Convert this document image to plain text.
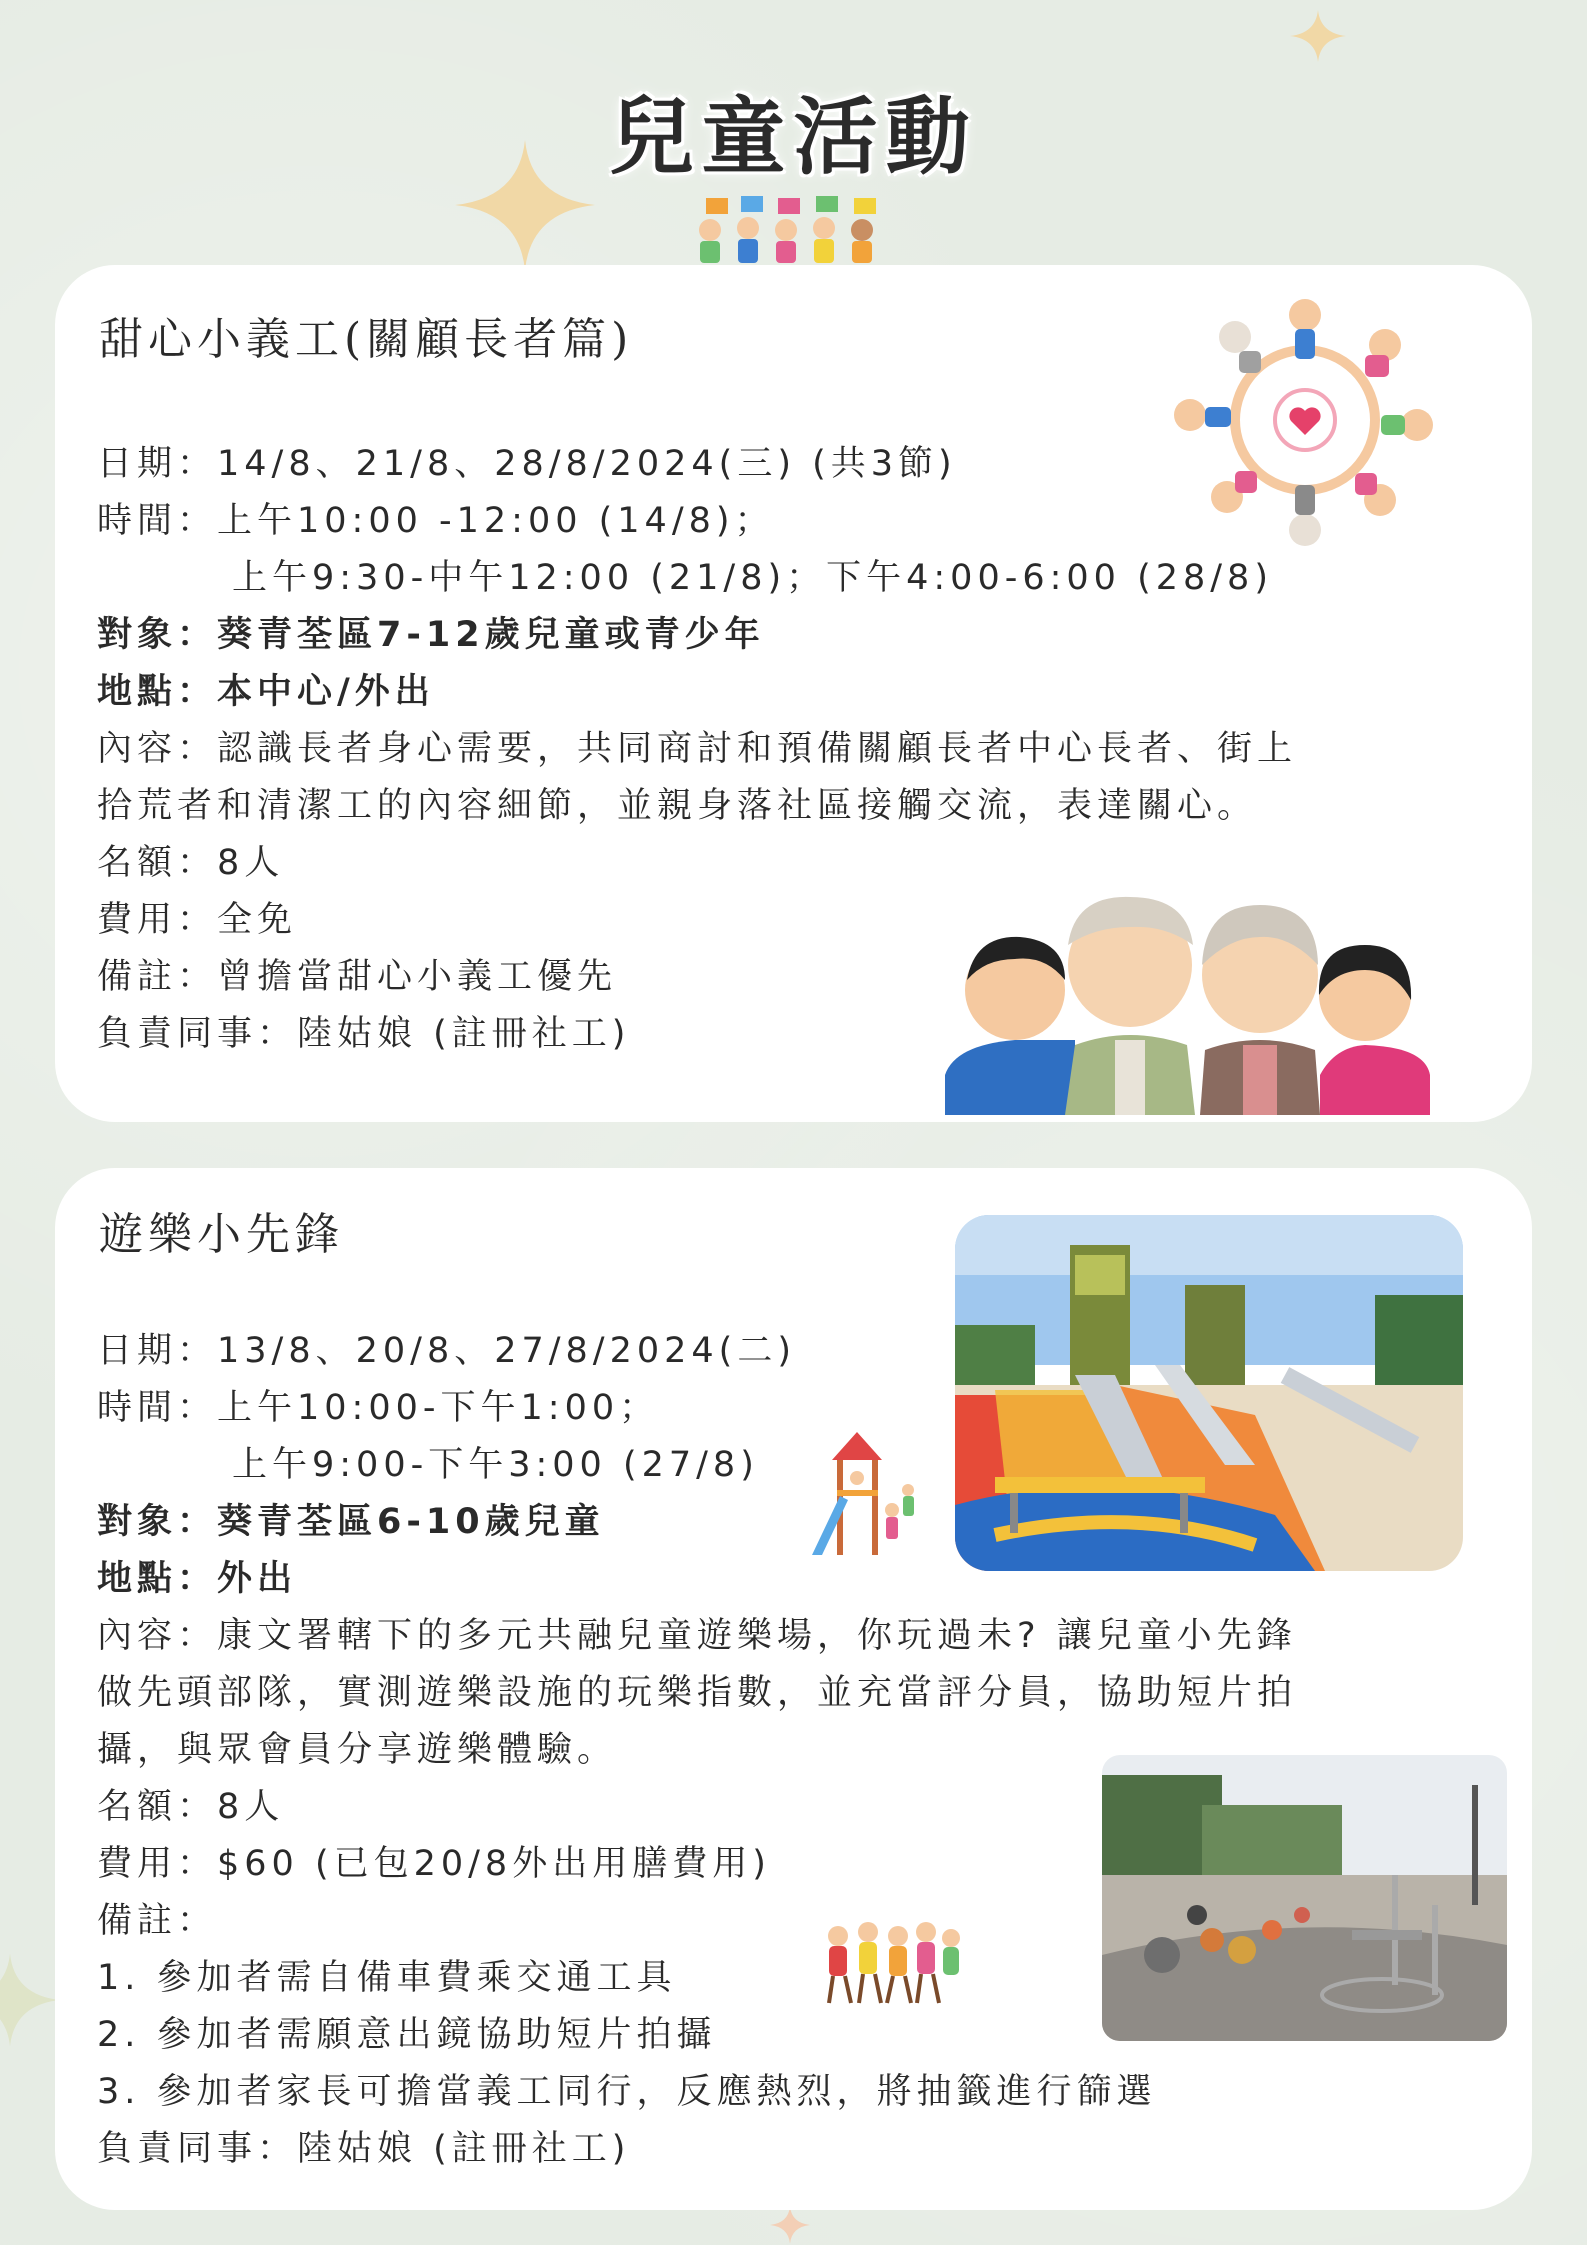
兒童活動
甜心小義工(關顧長者篇)
日期：14/8、21/8、28/8/2024(三) (共3節)
時間：上午10:00 -12:00 (14/8)；
上午9:30-中午12:00 (21/8)；下午4:00-6:00 (28/8)
對象：葵青荃區7-12歲兒童或青少年
地點：本中心/外出
內容：認識長者身心需要，共同商討和預備關顧長者中心長者、街上
拾荒者和清潔工的內容細節，並親身落社區接觸交流，表達關心。
名額：8人
費用：全免
備註：曾擔當甜心小義工優先
負責同事：陸姑娘 (註冊社工)
遊樂小先鋒
日期：13/8、20/8、27/8/2024(二)
時間：上午10:00-下午1:00；
上午9:00-下午3:00 (27/8)
對象：葵青荃區6-10歲兒童
地點：外出
內容：康文署轄下的多元共融兒童遊樂場，你玩過未? 讓兒童小先鋒
做先頭部隊，實測遊樂設施的玩樂指數，並充當評分員，協助短片拍
攝，與眾會員分享遊樂體驗。
名額：8人
費用：$60 (已包20/8外出用膳費用)
備註：
1. 參加者需自備車費乘交通工具
2. 參加者需願意出鏡協助短片拍攝
3. 參加者家長可擔當義工同行，反應熱烈，將抽籤進行篩選
負責同事：陸姑娘 (註冊社工)
